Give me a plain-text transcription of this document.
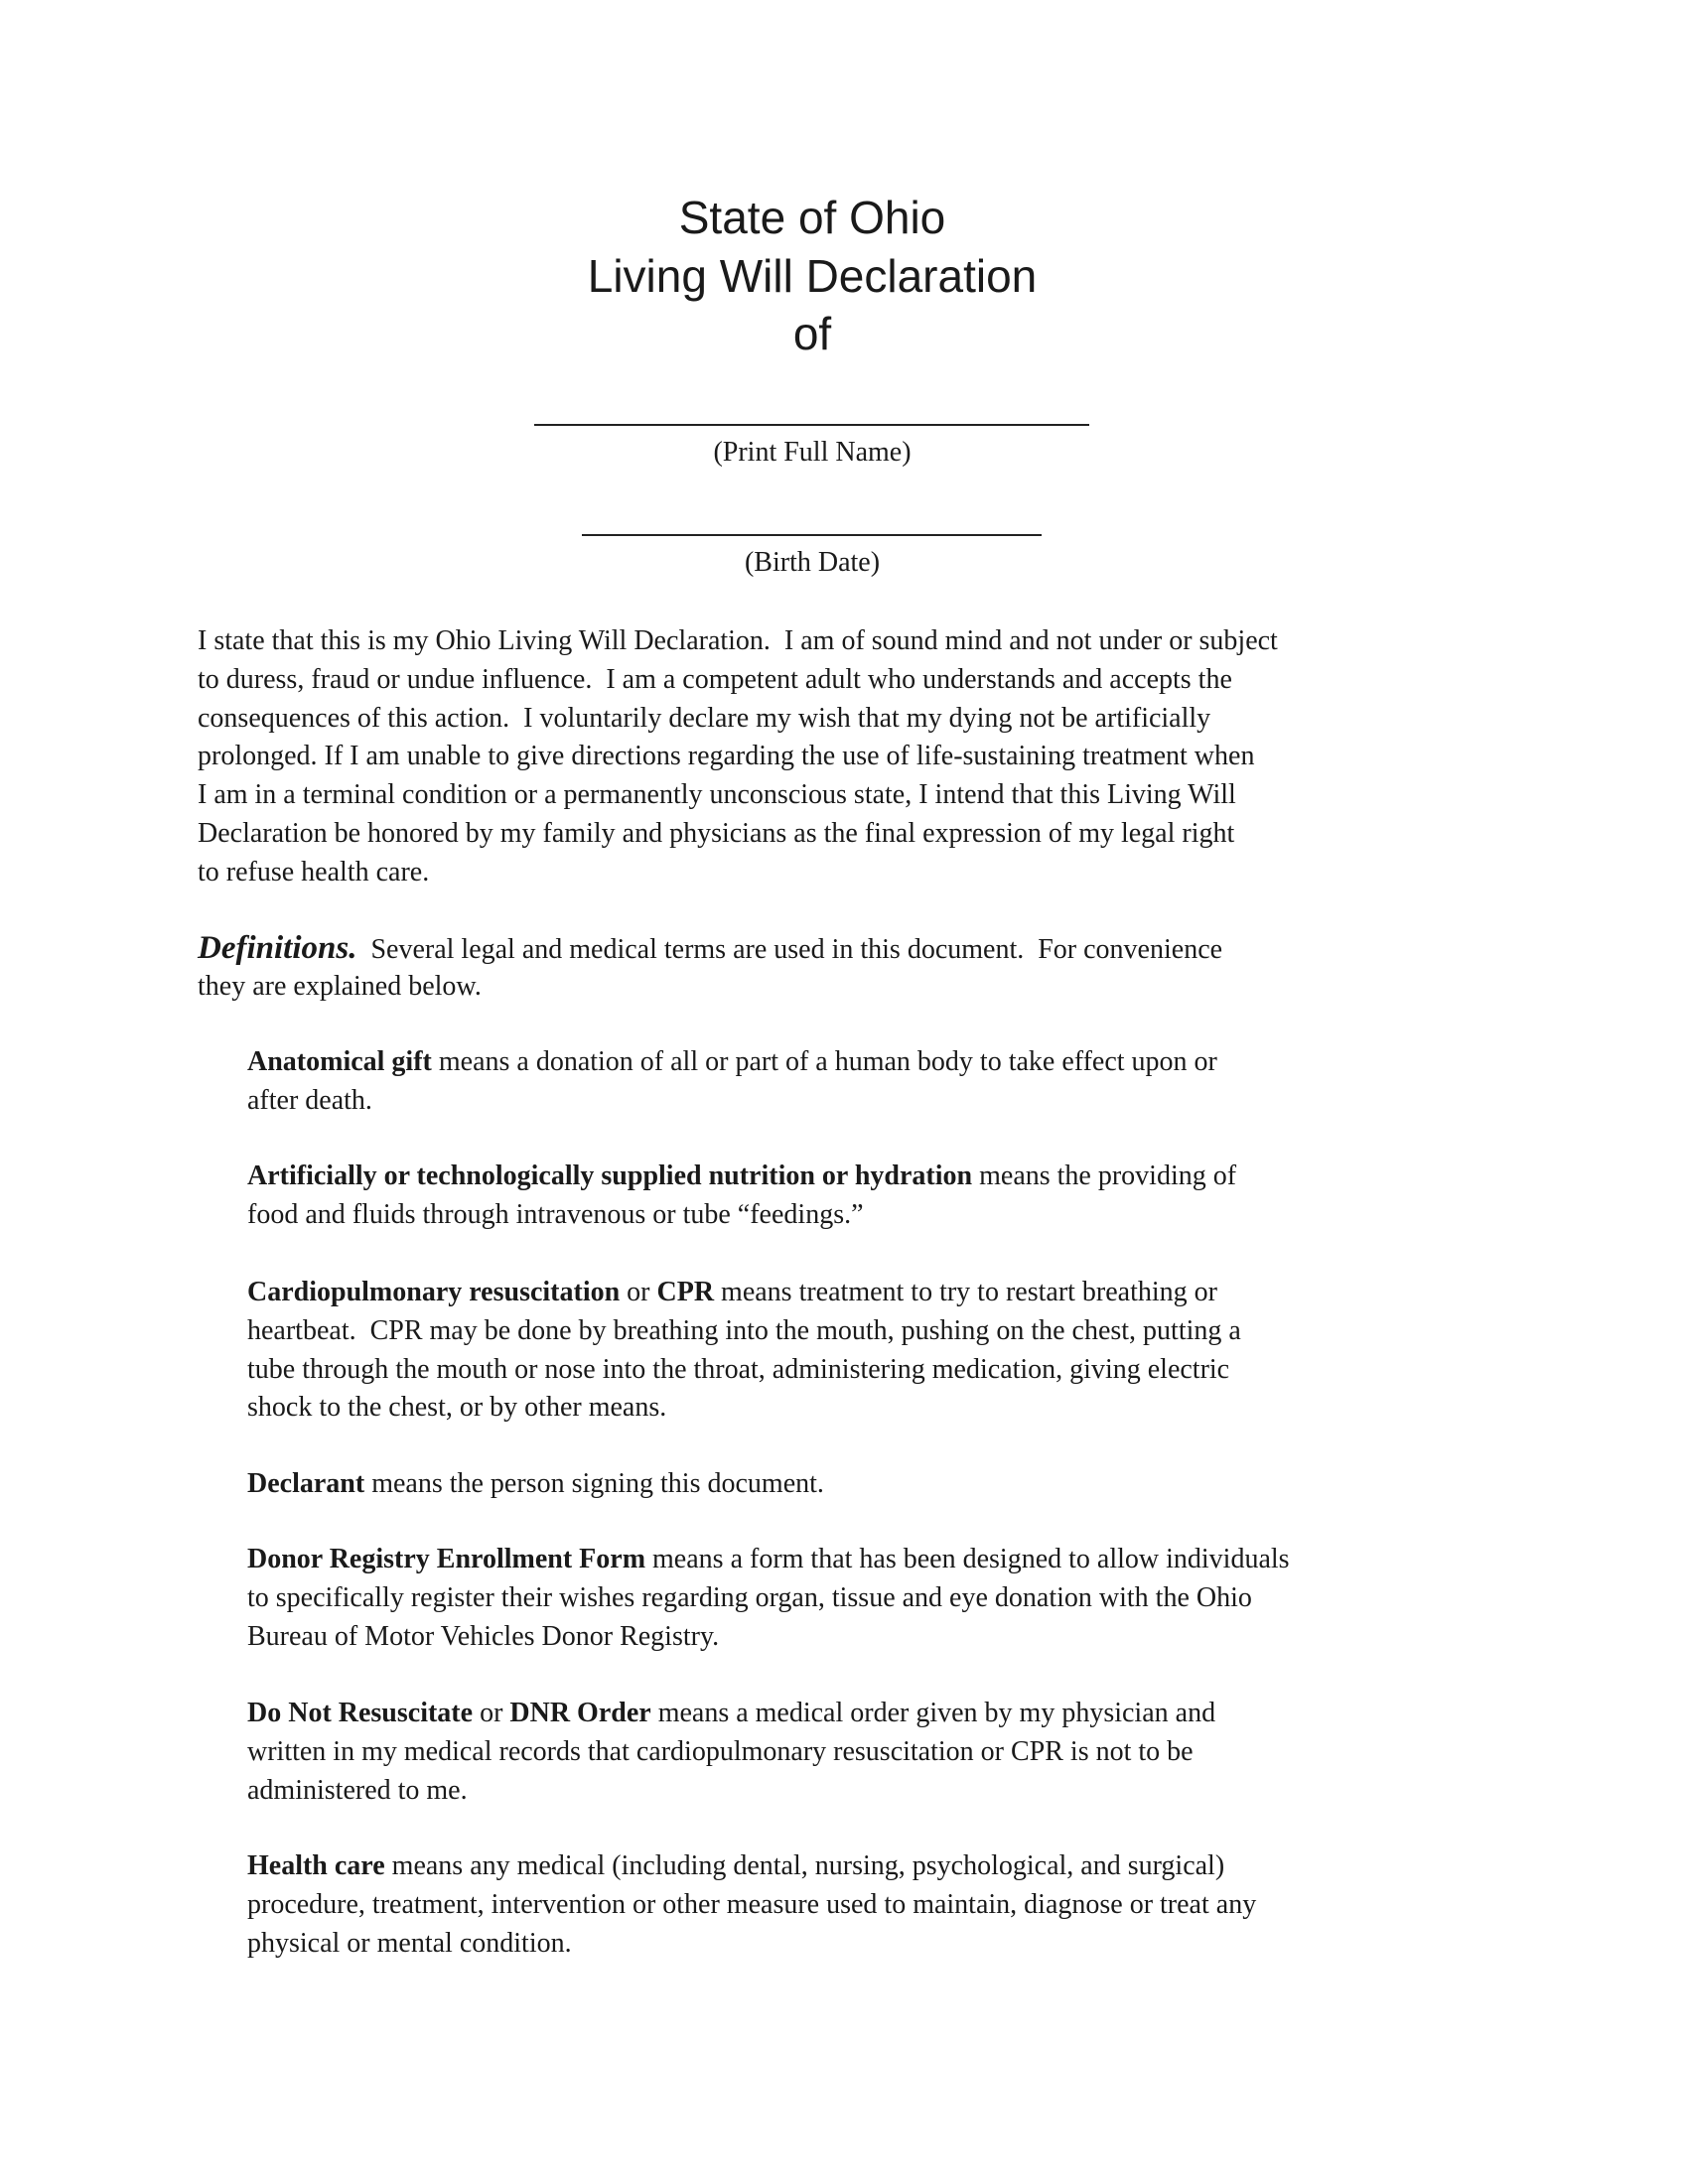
State of Ohio
Living Will Declaration
of
(Print Full Name)
(Birth Date)
I state that this is my Ohio Living Will Declaration.  I am of sound mind and not under or subject
to duress, fraud or undue influence.  I am a competent adult who understands and accepts the
consequences of this action.  I voluntarily declare my wish that my dying not be artificially
prolonged. If I am unable to give directions regarding the use of life-sustaining treatment when
I am in a terminal condition or a permanently unconscious state, I intend that this Living Will
Declaration be honored by my family and physicians as the final expression of my legal right
to refuse health care.
Definitions.  Several legal and medical terms are used in this document.  For convenience
they are explained below.
Anatomical gift means a donation of all or part of a human body to take effect upon or
after death.
Artificially or technologically supplied nutrition or hydration means the providing of
food and fluids through intravenous or tube “feedings.”
Cardiopulmonary resuscitation or CPR means treatment to try to restart breathing or
heartbeat.  CPR may be done by breathing into the mouth, pushing on the chest, putting a
tube through the mouth or nose into the throat, administering medication, giving electric
shock to the chest, or by other means.
Declarant means the person signing this document.
Donor Registry Enrollment Form means a form that has been designed to allow individuals
to specifically register their wishes regarding organ, tissue and eye donation with the Ohio
Bureau of Motor Vehicles Donor Registry.
Do Not Resuscitate or DNR Order means a medical order given by my physician and
written in my medical records that cardiopulmonary resuscitation or CPR is not to be
administered to me.
Health care means any medical (including dental, nursing, psychological, and surgical)
procedure, treatment, intervention or other measure used to maintain, diagnose or treat any
physical or mental condition.
